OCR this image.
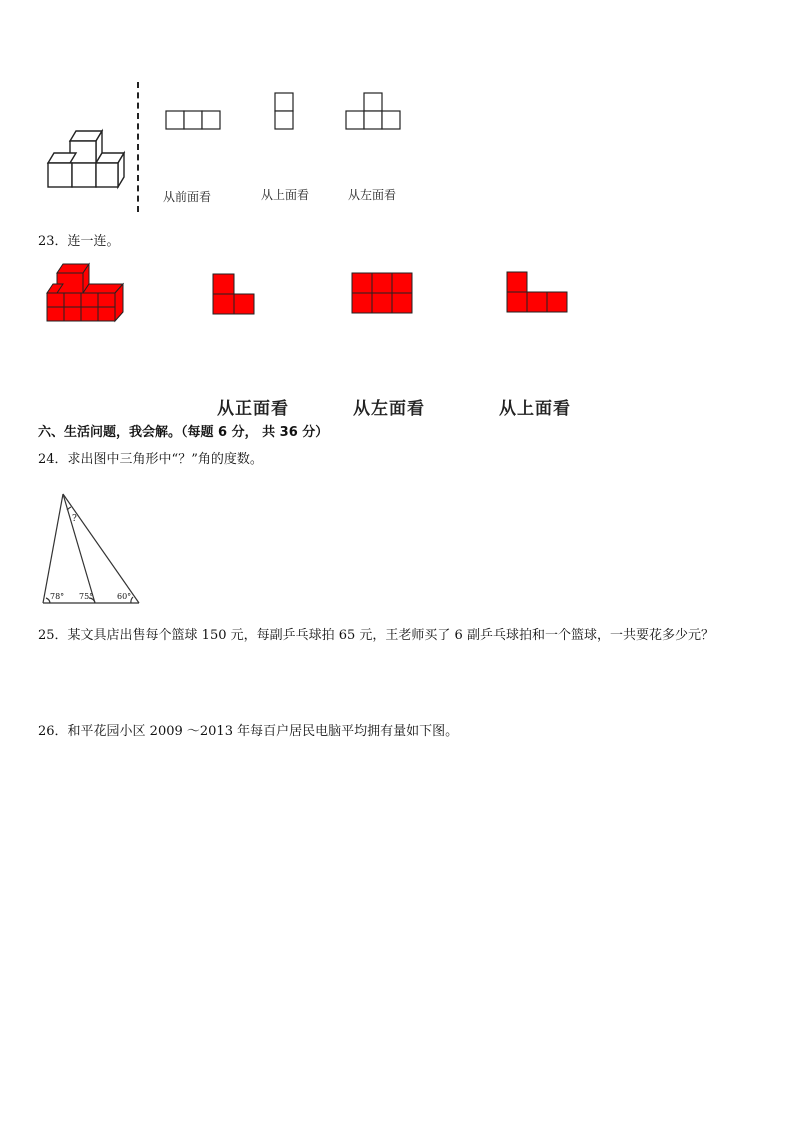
从前面看	从上面看	从左面看
23．连一连。
从正面看	从左面看	从上面看
六、生活问题，我会解。（每题 6 分， 共 36 分）
24．求出图中三角形中“？”角的度数。
78° 75°	60°
?
25．某文具店出售每个篮球 150 元，每副乒乓球拍 65 元，王老师买了 6 副乒乓球拍和一个篮球，一共要花多少元？
26．和平花园小区 2009 ～2013 年每百户居民电脑平均拥有量如下图。
